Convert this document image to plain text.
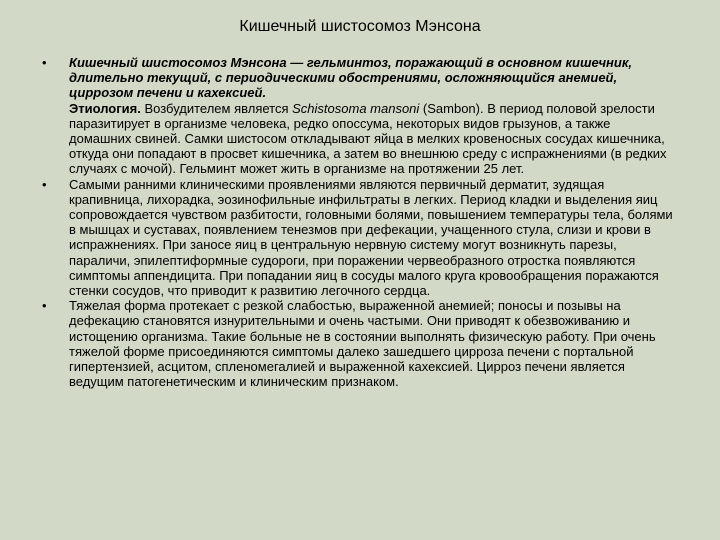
Кишечный шистосомоз Мэнсона
•	Кишечный шистосомоз Мэнсона — гельминтоз, поражающий в основном кишечник, длительно текущий, с периодическими обострениями, осложняющийся анемией, циррозом печени и кахексией.
Этиология. Возбудителем является Schistosoma mansoni (Sambon). В период половой зрелости паразитирует в организме человека, редко опоссума, некоторых видов грызунов, а также домашних свиней. Самки шистосом откладывают яйца в мелких кровеносных сосудах кишечника, откуда они попадают в просвет кишечника, а затем во внешнюю среду с испражнениями (в редких случаях с мочой). Гельминт может жить в организме на протяжении 25 лет.
•	Самыми ранними клиническими проявлениями являются первичный дерматит, зудящая крапивница, лихорадка, эозинофильные инфильтраты в легких. Период кладки и выделения яиц сопровождается чувством разбитости, головными болями, повышением температуры тела, болями в мышцах и суставах, появлением тенезмов при дефекации, учащенного стула, слизи и крови в испражнениях. При заносе яиц в центральную нервную систему могут возникнуть парезы, параличи, эпилептиформные судороги, при поражении червеобразного отростка появляются симптомы аппендицита. При попадании яиц в сосуды малого круга кровообращения поражаются стенки сосудов, что приводит к развитию легочного сердца.
•	Тяжелая форма протекает с резкой слабостью, выраженной анемией; поносы и позывы на дефекацию становятся изнурительными и очень частыми. Они приводят к обезвоживанию и истощению организма. Такие больные не в состоянии выполнять физическую работу. При очень тяжелой форме присоединяются симптомы далеко зашедшего цирроза печени с портальной гипертензией, асцитом, спленомегалией и выраженной кахексией. Цирроз печени является ведущим патогенетическим и клиническим признаком.
